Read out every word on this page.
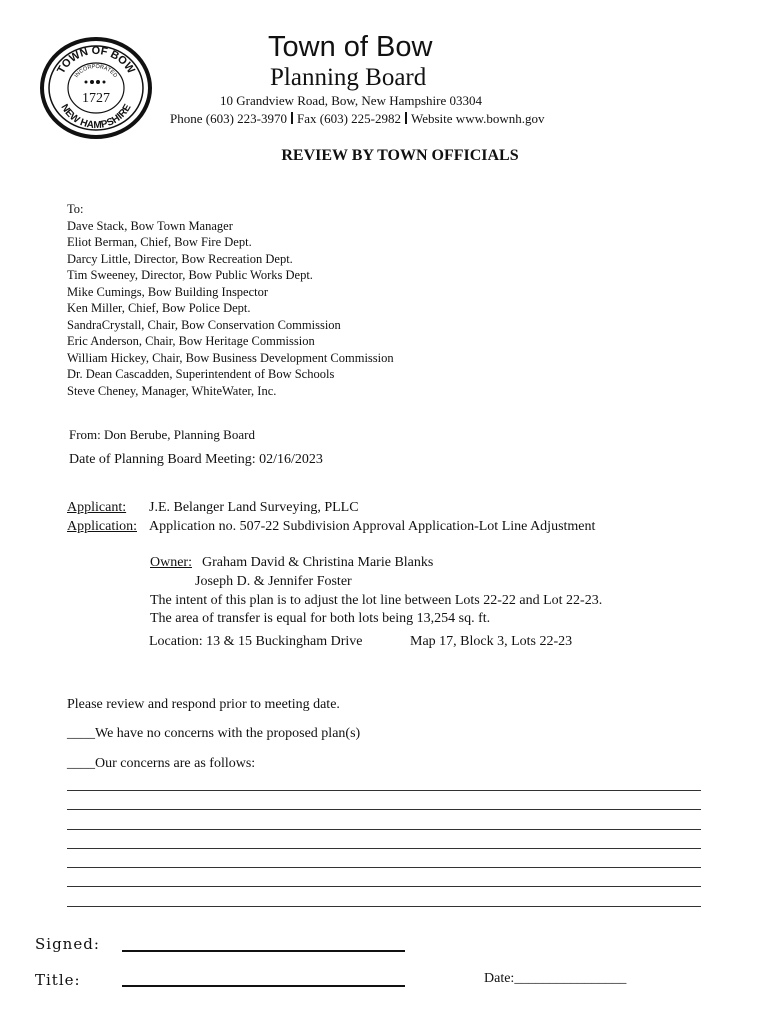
TOWN OF BOW
INCORPORATED
1727
NEW HAMPSHIRE
Town of Bow
Planning Board
10 Grandview Road, Bow, New Hampshire 03304
Phone (603) 223-3970 Fax (603) 225-2982 Website www.bownh.gov
REVIEW BY TOWN OFFICIALS
To:
Dave Stack, Bow Town Manager
Eliot Berman, Chief, Bow Fire Dept.
Darcy Little, Director, Bow Recreation Dept.
Tim Sweeney, Director, Bow Public Works Dept.
Mike Cumings, Bow Building Inspector
Ken Miller, Chief, Bow Police Dept.
SandraCrystall, Chair, Bow Conservation Commission
Eric Anderson, Chair, Bow Heritage Commission
William Hickey, Chair, Bow Business Development Commission
Dr. Dean Cascadden, Superintendent of Bow Schools
Steve Cheney, Manager, WhiteWater, Inc.
From: Don Berube, Planning Board
Date of Planning Board Meeting: 02/16/2023
Applicant: J.E. Belanger Land Surveying, PLLC
Application: Application no. 507-22 Subdivision Approval Application-Lot Line Adjustment
Owner: Graham David & Christina Marie Blanks
Joseph D. & Jennifer Foster
The intent of this plan is to adjust the lot line between Lots 22-22 and Lot 22-23.
The area of transfer is equal for both lots being 13,254 sq. ft.
Location: 13 & 15 Buckingham Drive	Map 17, Block 3, Lots 22-23
Please review and respond prior to meeting date.
____We have no concerns with the proposed plan(s)
____Our concerns are as follows:
Signed:
Title:	Date:________________
